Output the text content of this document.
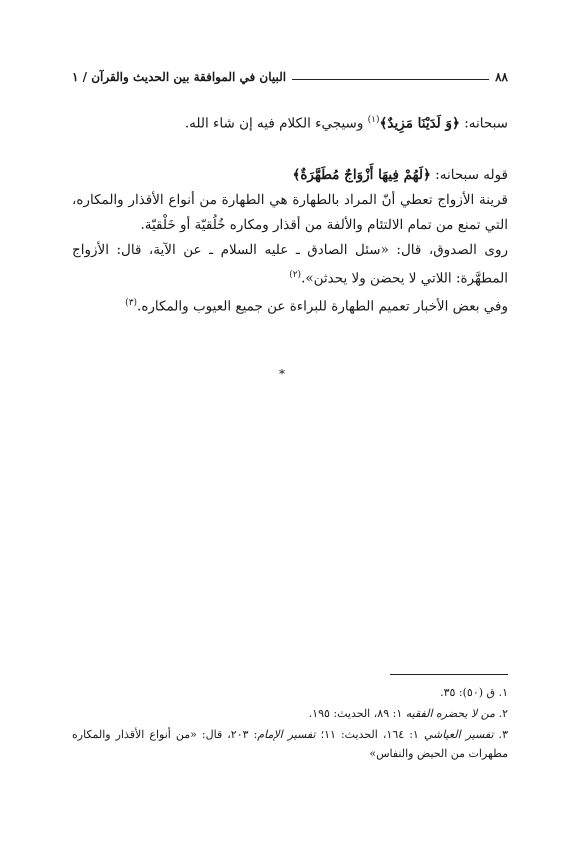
٨٨
البيان في الموافقة بين الحديث والقرآن / ١

سبحانه: ﴿وَ لَدَيْنَا مَزِيدٌ﴾$^{(١)}$ وسيجيء الكلام فيه إن شاء الله.

قوله سبحانه: ﴿لَهُمْ فِيهَا أَزْوَاجٌ مُطَهَّرَةٌ﴾

قرينة الأزواج تعطي أنّ المراد بالطهارة هي الطهارة من أنواع الأقذار والمكاره، التي تمنع من تمام الالتئام والألفة من أقذار ومكاره خُلُقيّة أو خَلْقيّة.

روى الصدوق، قال: «سئل الصادق ـ عليه السلام ـ عن الآية، قال: الأزواج المطهَّرة: اللاتي لا يحضن ولا يحدثن».$^{(٢)}$

وفي بعض الأخبار تعميم الطهارة للبراءة عن جميع العيوب والمكاره.$^{(٣)}$

*

١. ق (٥٠): ٣٥.

٢. من لا يحضره الفقيه ١: ٨٩، الحديث: ١٩٥.

٣. تفسير العياشي ١: ١٦٤، الحديث: ١١؛ تفسير الإمام: ٢٠٣، قال: «من أنواع الأقذار والمكاره مطهرات من الحيض والنفاس»
